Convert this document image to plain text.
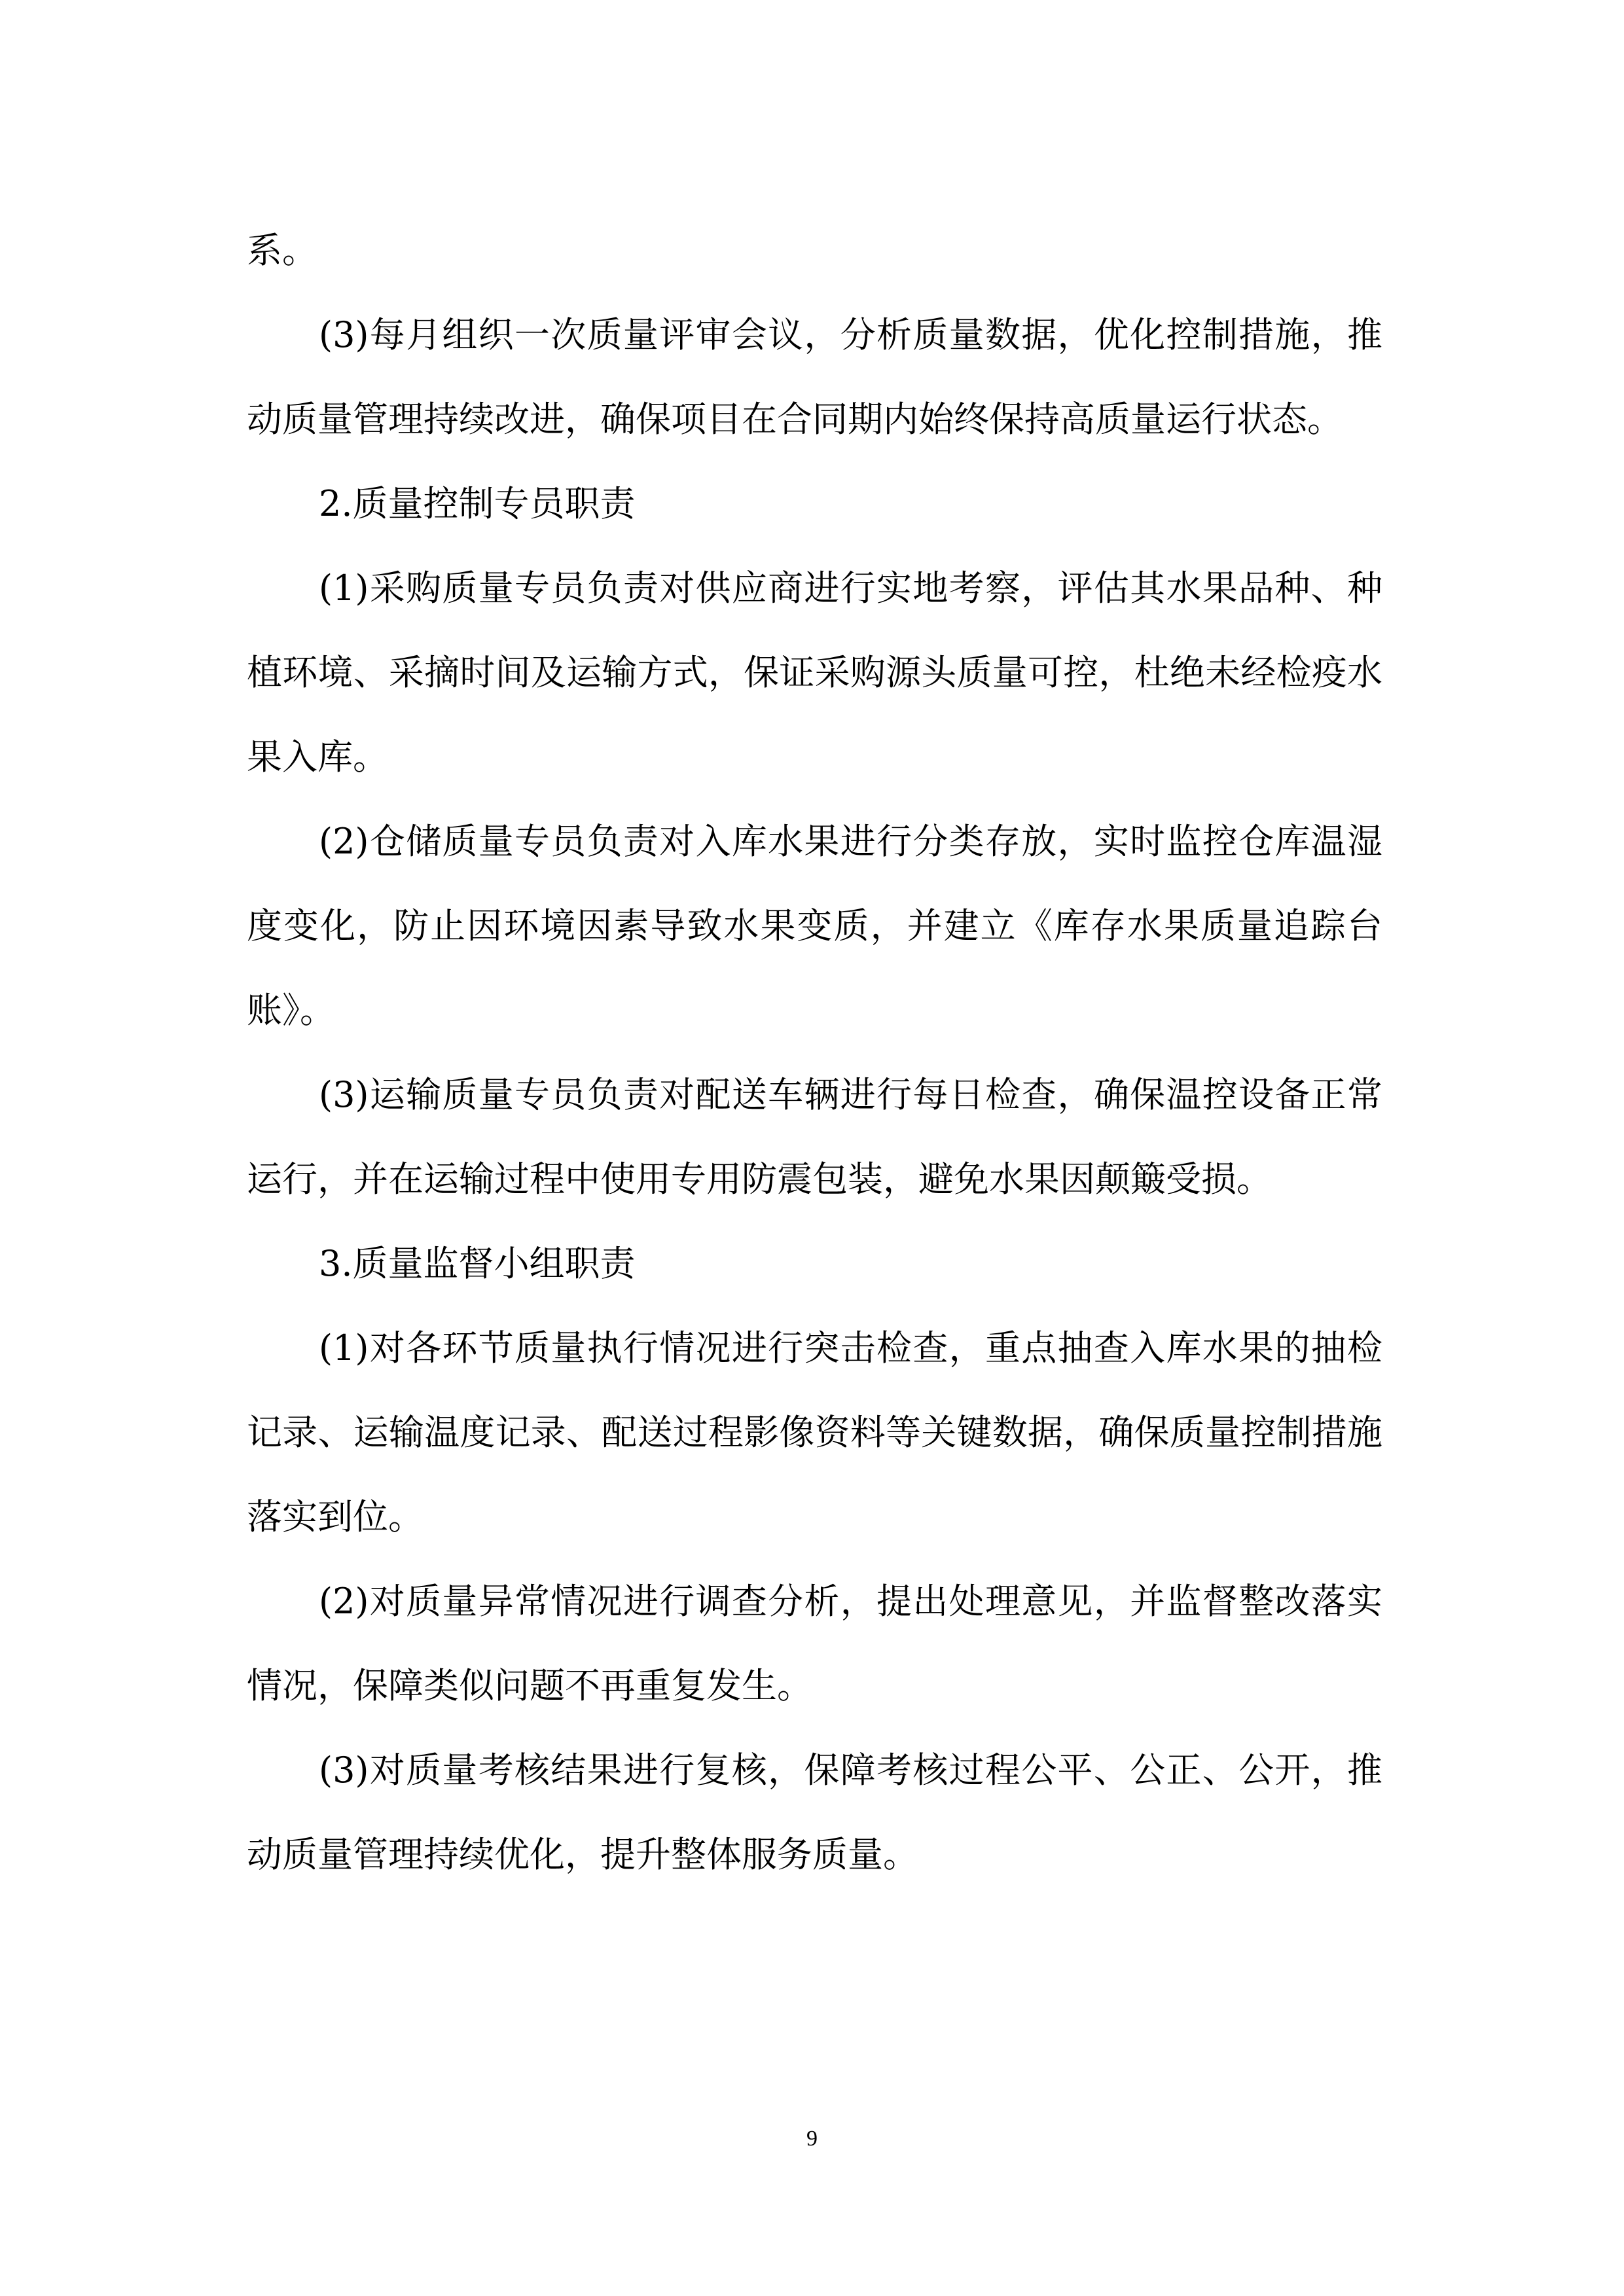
系。

(3)每月组织一次质量评审会议，分析质量数据，优化控制措施，推动质量管理持续改进，确保项目在合同期内始终保持高质量运行状态。

2.质量控制专员职责

(1)采购质量专员负责对供应商进行实地考察，评估其水果品种、种植环境、采摘时间及运输方式，保证采购源头质量可控，杜绝未经检疫水果入库。

(2)仓储质量专员负责对入库水果进行分类存放，实时监控仓库温湿度变化，防止因环境因素导致水果变质，并建立《库存水果质量追踪台账》。

(3)运输质量专员负责对配送车辆进行每日检查，确保温控设备正常运行，并在运输过程中使用专用防震包装，避免水果因颠簸受损。

3.质量监督小组职责

(1)对各环节质量执行情况进行突击检查，重点抽查入库水果的抽检记录、运输温度记录、配送过程影像资料等关键数据，确保质量控制措施落实到位。

(2)对质量异常情况进行调查分析，提出处理意见，并监督整改落实情况，保障类似问题不再重复发生。

(3)对质量考核结果进行复核，保障考核过程公平、公正、公开，推动质量管理持续优化，提升整体服务质量。

9
